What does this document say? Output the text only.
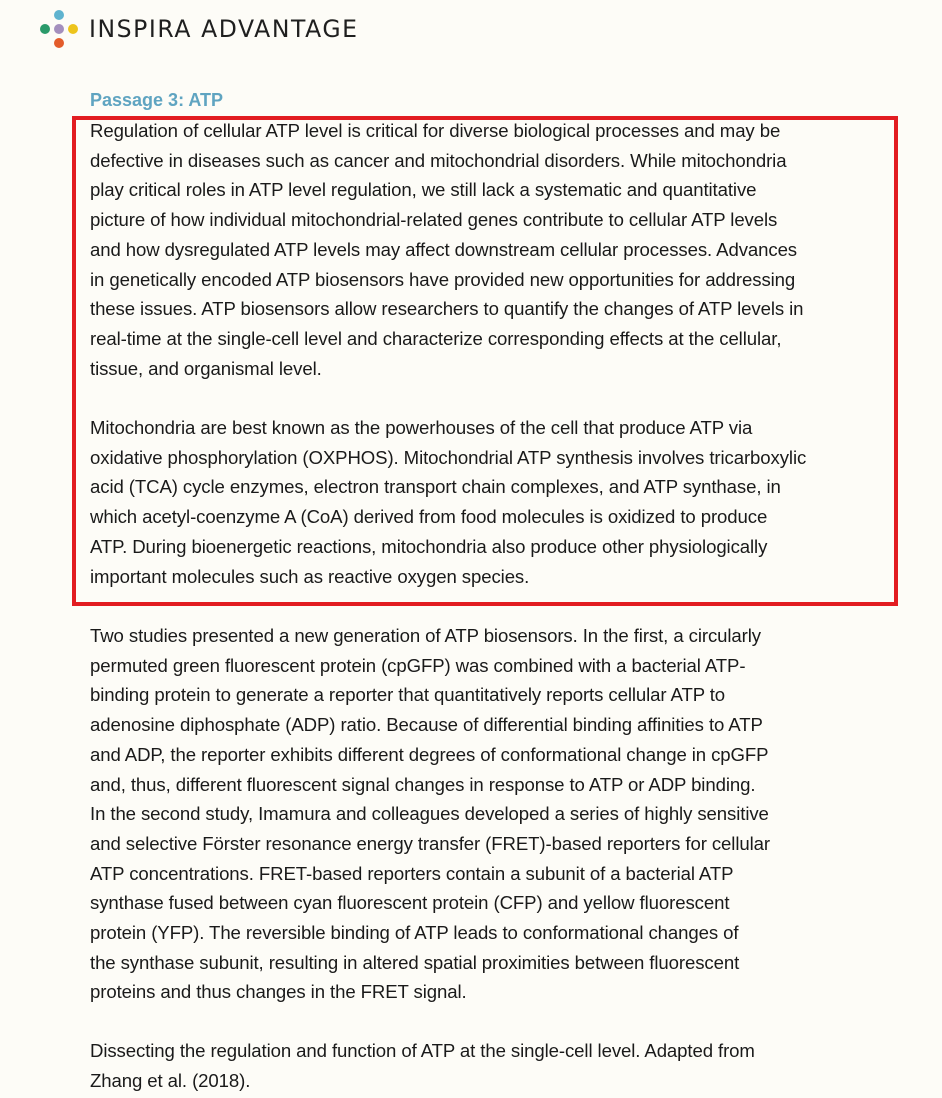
INSPIRA ADVANTAGE
Passage 3: ATP

Regulation of cellular ATP level is critical for diverse biological processes and may be
defective in diseases such as cancer and mitochondrial disorders. While mitochondria
play critical roles in ATP level regulation, we still lack a systematic and quantitative
picture of how individual mitochondrial-related genes contribute to cellular ATP levels
and how dysregulated ATP levels may affect downstream cellular processes. Advances
in genetically encoded ATP biosensors have provided new opportunities for addressing
these issues. ATP biosensors allow researchers to quantify the changes of ATP levels in
real-time at the single-cell level and characterize corresponding effects at the cellular,
tissue, and organismal level.

Mitochondria are best known as the powerhouses of the cell that produce ATP via
oxidative phosphorylation (OXPHOS). Mitochondrial ATP synthesis involves tricarboxylic
acid (TCA) cycle enzymes, electron transport chain complexes, and ATP synthase, in
which acetyl-coenzyme A (CoA) derived from food molecules is oxidized to produce
ATP. During bioenergetic reactions, mitochondria also produce other physiologically
important molecules such as reactive oxygen species.

Two studies presented a new generation of ATP biosensors. In the first, a circularly
permuted green fluorescent protein (cpGFP) was combined with a bacterial ATP-
binding protein to generate a reporter that quantitatively reports cellular ATP to
adenosine diphosphate (ADP) ratio. Because of differential binding affinities to ATP
and ADP, the reporter exhibits different degrees of conformational change in cpGFP
and, thus, different fluorescent signal changes in response to ATP or ADP binding.
In the second study, Imamura and colleagues developed a series of highly sensitive
and selective Förster resonance energy transfer (FRET)-based reporters for cellular
ATP concentrations. FRET-based reporters contain a subunit of a bacterial ATP
synthase fused between cyan fluorescent protein (CFP) and yellow fluorescent
protein (YFP). The reversible binding of ATP leads to conformational changes of
the synthase subunit, resulting in altered spatial proximities between fluorescent
proteins and thus changes in the FRET signal.

Dissecting the regulation and function of ATP at the single-cell level. Adapted from
Zhang et al. (2018).
